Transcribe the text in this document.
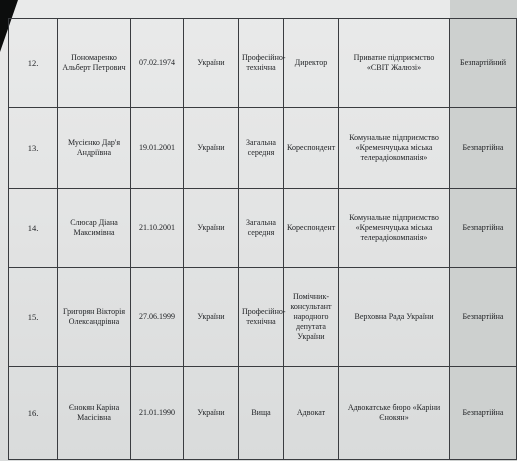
12.	Пономаренко Альберт Петрович	07.02.1974	України	Профеcійно-технічна	Директор	Приватне підприємство «СВІТ Жалюзі»	Безпартійний
13.	Мусієнко Дар'я Андріївна	19.01.2001	України	Загальна середня	Кореспондент	Комунальне підприємство «Кременчуцька міська телерадіокомпанія»	Безпартійна
14.	Слюсар Діана Максимівна	21.10.2001	України	Загальна середня	Кореспондент	Комунальне підприємство «Кременчуцька міська телерадіокомпанія»	Безпартійна
15.	Григорян Вікторія Олександрівна	27.06.1999	України	Профеcійно-технічна	Помічник-консультант народного депутата України	Верховна Рада України	Безпартійна
16.	Єнокян Каріна Масісівна	21.01.1990	України	Вища	Адвокат	Адвокатське бюро «Каріни Єнокян»	Безпартійна
